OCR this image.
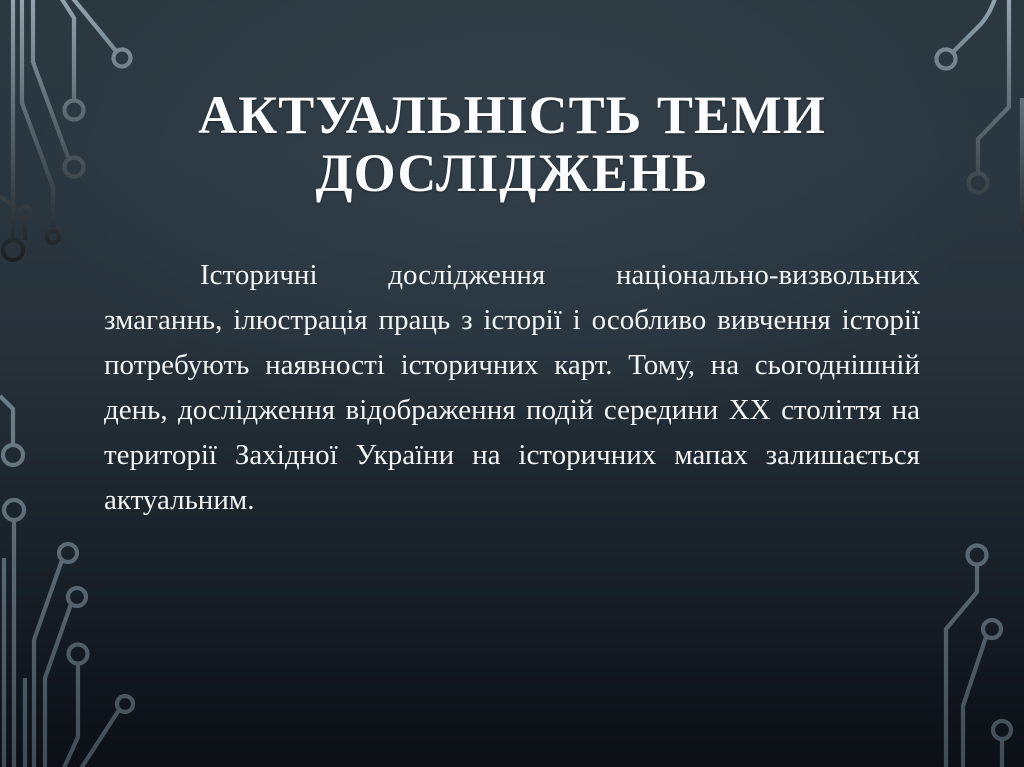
АКТУАЛЬНІСТЬ ТЕМИ ДОСЛІДЖЕНЬ
Історичні дослідження національно-визвольних змаганнь, ілюстрація праць з історії і особливо вивчення історії потребують наявності історичних карт. Тому, на сьогоднішній день, дослідження відображення подій середини ХХ століття на території Західної України на історичних мапах залишається актуальним.
